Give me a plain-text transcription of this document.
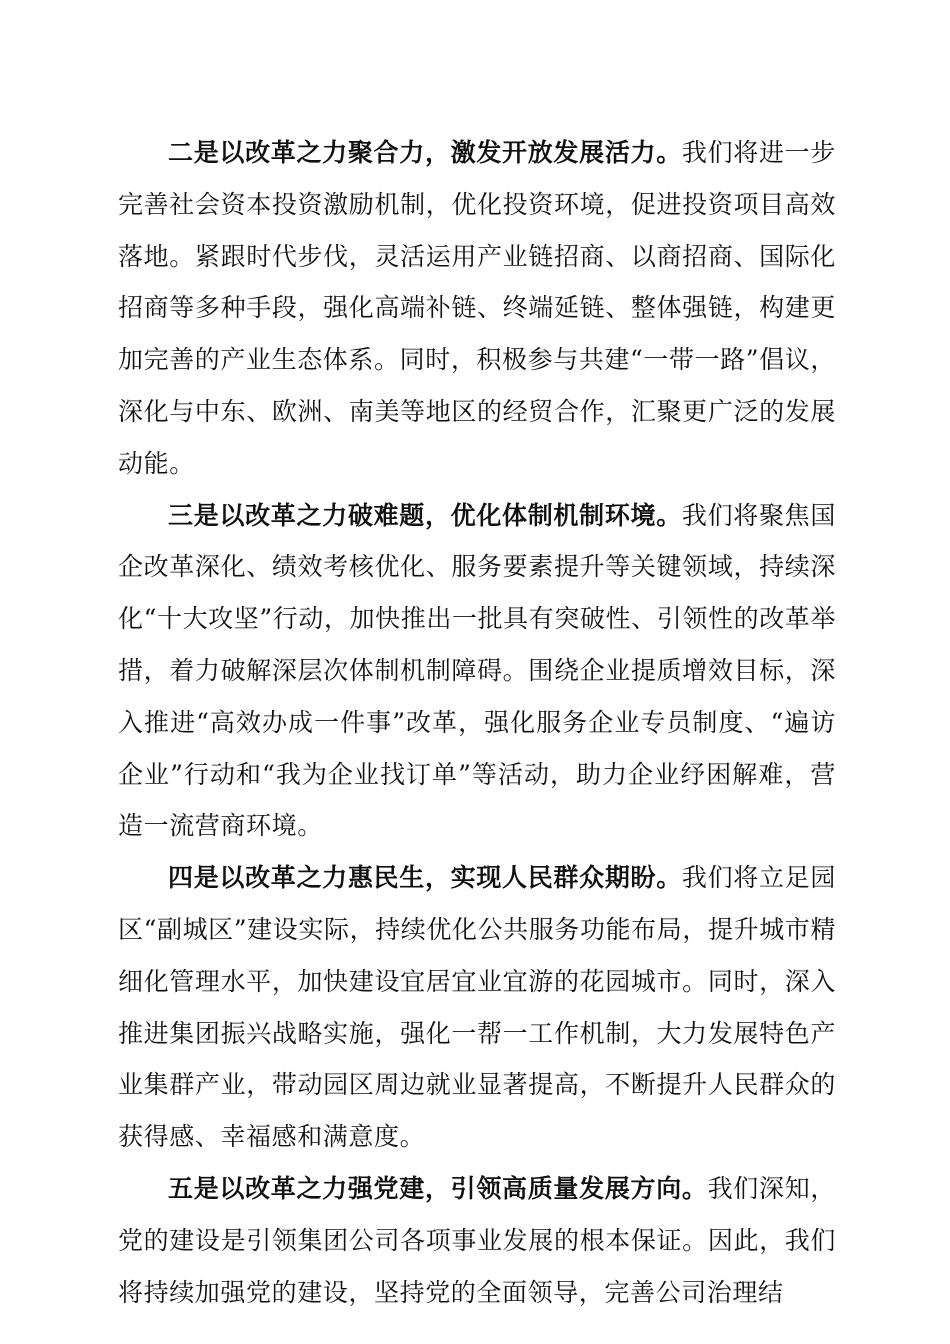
二是以改革之力聚合力，激发开放发展活力。我们将进一步完善社会资本投资激励机制，优化投资环境，促进投资项目高效落地。紧跟时代步伐，灵活运用产业链招商、以商招商、国际化招商等多种手段，强化高端补链、终端延链、整体强链，构建更加完善的产业生态体系。同时，积极参与共建“一带一路”倡议，深化与中东、欧洲、南美等地区的经贸合作，汇聚更广泛的发展动能。

三是以改革之力破难题，优化体制机制环境。我们将聚焦国企改革深化、绩效考核优化、服务要素提升等关键领域，持续深化“十大攻坚”行动，加快推出一批具有突破性、引领性的改革举措，着力破解深层次体制机制障碍。围绕企业提质增效目标，深入推进“高效办成一件事”改革，强化服务企业专员制度、“遍访企业”行动和“我为企业找订单”等活动，助力企业纾困解难，营造一流营商环境。

四是以改革之力惠民生，实现人民群众期盼。我们将立足园区“副城区”建设实际，持续优化公共服务功能布局，提升城市精细化管理水平，加快建设宜居宜业宜游的花园城市。同时，深入推进集团振兴战略实施，强化一帮一工作机制，大力发展特色产业集群产业，带动园区周边就业显著提高，不断提升人民群众的获得感、幸福感和满意度。

五是以改革之力强党建，引领高质量发展方向。我们深知，党的建设是引领集团公司各项事业发展的根本保证。因此，我们将持续加强党的建设，坚持党的全面领导，完善公司治理结
